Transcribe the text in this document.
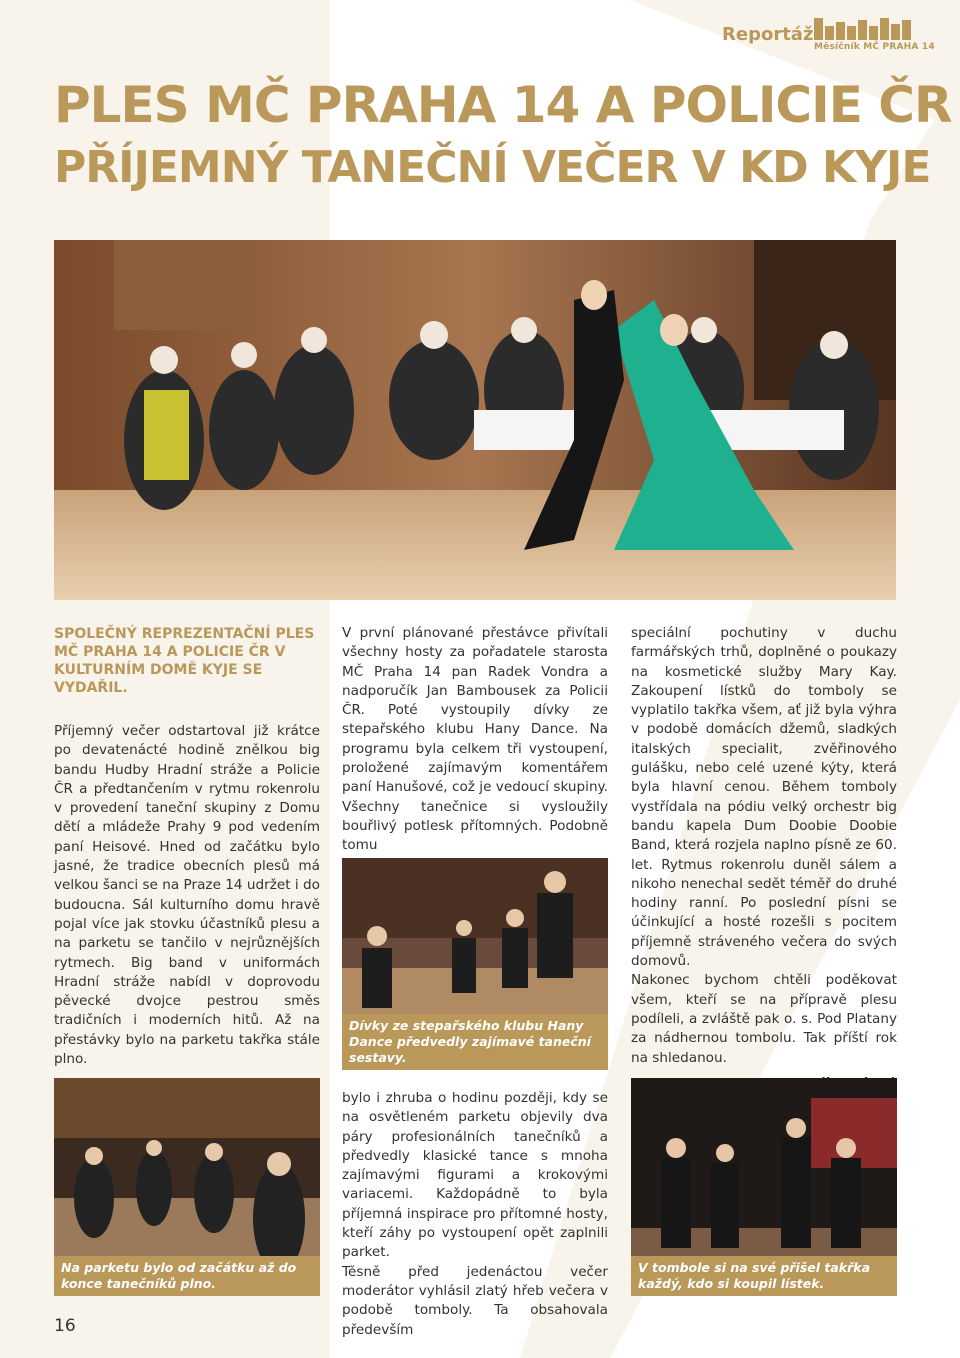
Reportáž
Měsíčník MČ PRAHA 14
PLES MČ PRAHA 14 A POLICIE ČR
PŘÍJEMNÝ TANEČNÍ VEČER V KD KYJE
SPOLEČNÝ REPREZENTAČNÍ PLES MČ PRAHA 14 A POLICIE ČR V KULTURNÍM DOMĚ KYJE SE VYDAŘIL.

Příjemný večer odstartoval již krátce po devatenácté hodině znělkou big bandu Hudby Hradní stráže a Policie ČR a předtančením v rytmu rokenrolu v provedení taneční skupiny z Domu dětí a mládeže Prahy 9 pod vedením paní Heisové. Hned od začátku bylo jasné, že tradice obecních plesů má velkou šanci se na Praze 14 udržet i do budoucna. Sál kulturního domu hravě pojal více jak stovku účastníků plesu a na parketu se tančilo v nejrůznějších rytmech. Big band v uniformách Hradní stráže nabídl v doprovodu pěvecké dvojce pestrou směs tradičních i moderních hitů. Až na přestávky bylo na parketu takřka stále plno.

V první plánované přestávce přivítali všechny hosty za pořadatele starosta MČ Praha 14 pan Radek Vondra a nadporučík Jan Bambousek za Policii ČR. Poté vystoupily dívky ze stepařského klubu Hany Dance. Na programu byla celkem tři vystoupení, proložené zajímavým komentářem paní Hanušové, což je vedoucí skupiny. Všechny tanečnice si vysloužily bouřlivý potlesk přítomných. Podobně tomu

Dívky ze stepařského klubu Hany Dance předvedly zajímavé taneční sestavy.

bylo i zhruba o hodinu později, kdy se na osvětleném parketu objevily dva páry profesionálních tanečníků a předvedly klasické tance s mnoha zajímavými figurami a krokovými variacemi. Každopádně to byla příjemná inspirace pro přítomné hosty, kteří záhy po vystoupení opět zaplnili parket.

Těsně před jedenáctou večer moderátor vyhlásil zlatý hřeb večera v podobě tomboly. Ta obsahovala především

speciální pochutiny v duchu farmářských trhů, doplněné o poukazy na kosmetické služby Mary Kay. Zakoupení lístků do tomboly se vyplatilo takřka všem, ať již byla výhra v podobě domácích džemů, sladkých italských specialit, zvěřinového gulášku, nebo celé uzené kýty, která byla hlavní cenou. Během tomboly vystřídala na pódiu velký orchestr big bandu kapela Dum Doobie Doobie Band, která rozjela naplno písně ze 60. let. Rytmus rokenrolu duněl sálem a nikoho nenechal sedět téměř do druhé hodiny ranní. Po poslední písni se účinkující a hosté rozešli s pocitem příjemně stráveného večera do svých domovů.

Nakonec bychom chtěli poděkovat všem, kteří se na přípravě plesu podíleli, a zvláště pak o. s. Pod Platany za nádhernou tombolu. Tak příští rok na shledanou.

Na parketu bylo od začátku až do konce tanečníků plno.
V tombole si na své přišel takřka každý, kdo si koupil lístek.
16
